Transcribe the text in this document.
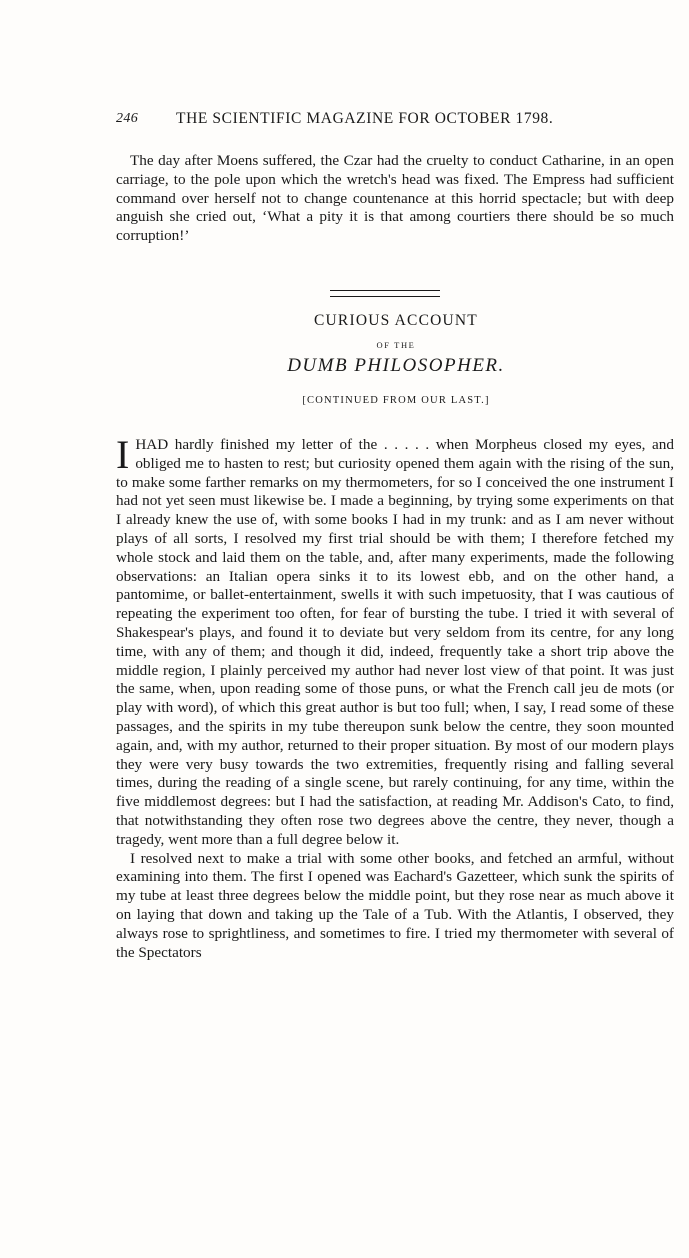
246 THE SCIENTIFIC MAGAZINE FOR OCTOBER 1798.

The day after Moens suffered, the Czar had the cruelty to conduct Catharine, in an open carriage, to the pole upon which the wretch's head was fixed. The Empress had sufficient command over herself not to change countenance at this horrid spectacle; but with deep anguish she cried out, ‘What a pity it is that among courtiers there should be so much corruption!’

CURIOUS ACCOUNT
OF THE
DUMB PHILOSOPHER.
[CONTINUED FROM OUR LAST.]
I HAD hardly finished my letter of the . . . . . when Morpheus closed my eyes, and obliged me to hasten to rest; but curiosity opened them again with the rising of the sun, to make some farther remarks on my thermometers, for so I conceived the one instrument I had not yet seen must likewise be. I made a beginning, by trying some experiments on that I already knew the use of, with some books I had in my trunk: and as I am never without plays of all sorts, I resolved my first trial should be with them; I therefore fetched my whole stock and laid them on the table, and, after many experiments, made the following observations: an Italian opera sinks it to its lowest ebb, and on the other hand, a pantomime, or ballet-entertainment, swells it with such impetuosity, that I was cautious of repeating the experiment too often, for fear of bursting the tube. I tried it with several of Shakespear's plays, and found it to deviate but very seldom from its centre, for any long time, with any of them; and though it did, indeed, frequently take a short trip above the middle region, I plainly perceived my author had never lost view of that point. It was just the same, when, upon reading some of those puns, or what the French call jeu de mots (or play with word), of which this great author is but too full; when, I say, I read some of these passages, and the spirits in my tube thereupon sunk below the centre, they soon mounted again, and, with my author, returned to their proper situation. By most of our modern plays they were very busy towards the two extremities, frequently rising and falling several times, during the reading of a single scene, but rarely continuing, for any time, within the five middlemost degrees: but I had the satisfaction, at reading Mr. Addison's Cato, to find, that notwithstanding they often rose two degrees above the centre, they never, though a tragedy, went more than a full degree below it.
I resolved next to make a trial with some other books, and fetched an armful, without examining into them. The first I opened was Eachard's Gazetteer, which sunk the spirits of my tube at least three degrees below the middle point, but they rose near as much above it on laying that down and taking up the Tale of a Tub. With the Atlantis, I observed, they always rose to sprightliness, and sometimes to fire. I tried my thermometer with several of the Spectators
